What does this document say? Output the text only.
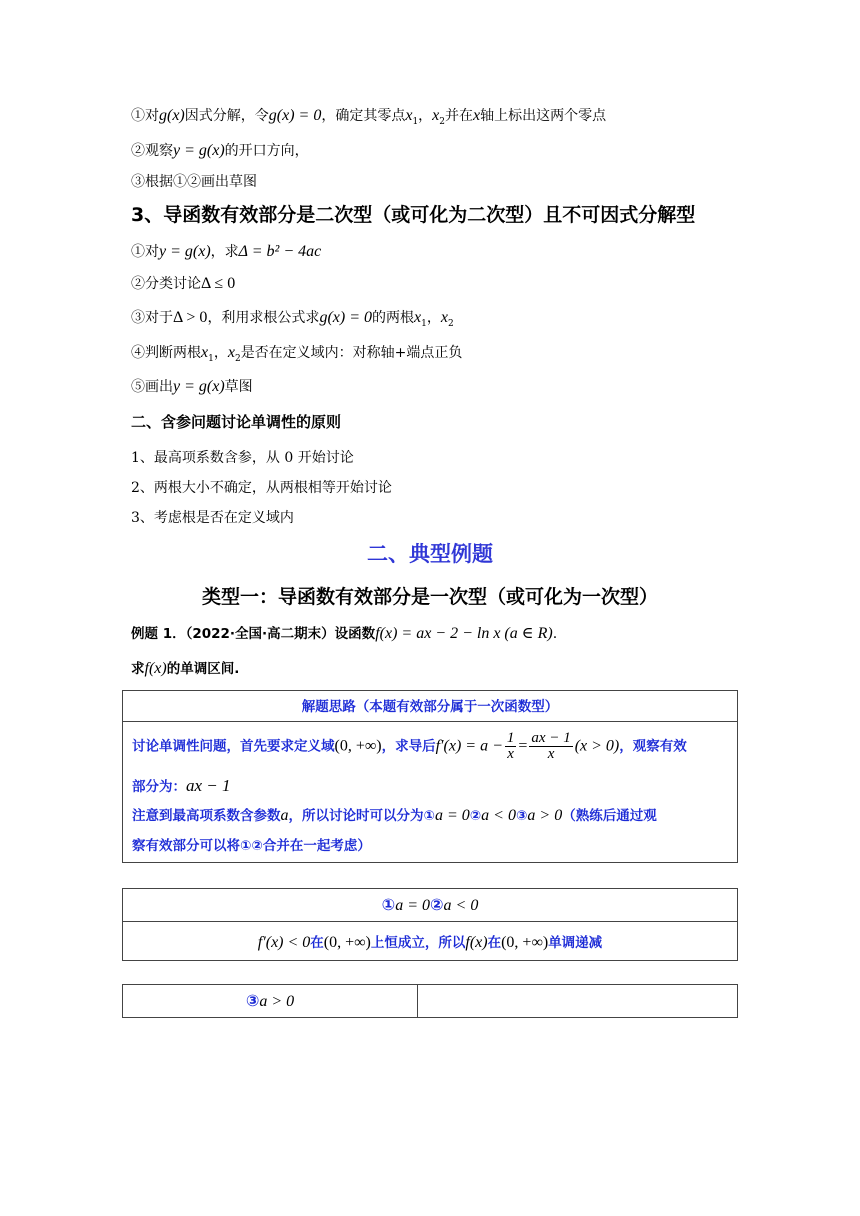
①对g(x)因式分解，令g(x) = 0，确定其零点$x_1$，$x_2$并在x轴上标出这两个零点
②观察y = g(x)的开口方向，
③根据①②画出草图
3、导函数有效部分是二次型（或可化为二次型）且不可因式分解型
①对y = g(x)，求Δ = b² − 4ac
②分类讨论Δ ≤ 0
③对于Δ > 0，利用求根公式求g(x) = 0的两根$x_1$，$x_2$
④判断两根$x_1$，$x_2$是否在定义域内：对称轴+端点正负
⑤画出y = g(x)草图
二、含参问题讨论单调性的原则
1、最高项系数含参，从 0 开始讨论
2、两根大小不确定，从两根相等开始讨论
3、考虑根是否在定义域内
二、典型例题
类型一：导函数有效部分是一次型（或可化为一次型）
例题 1．（2022·全国·高二期末）设函数f(x) = ax − 2 − ln x (a ∈ R).
求f(x)的单调区间.
解题思路（本题有效部分属于一次函数型）
讨论单调性问题，首先要求定义域(0, +∞)，求导后$f'(x) = a - \frac{1}{x} = \frac{ax - 1}{x} (x > 0)$，观察有效
部分为：ax − 1
注意到最高项系数含参数a，所以讨论时可以分为①a = 0②a < 0③a > 0（熟练后通过观
察有效部分可以将①②合并在一起考虑）
①a = 0②a < 0
f′(x) < 0在(0, +∞)上恒成立，所以f(x)在(0, +∞)单调递减
③a > 0	
